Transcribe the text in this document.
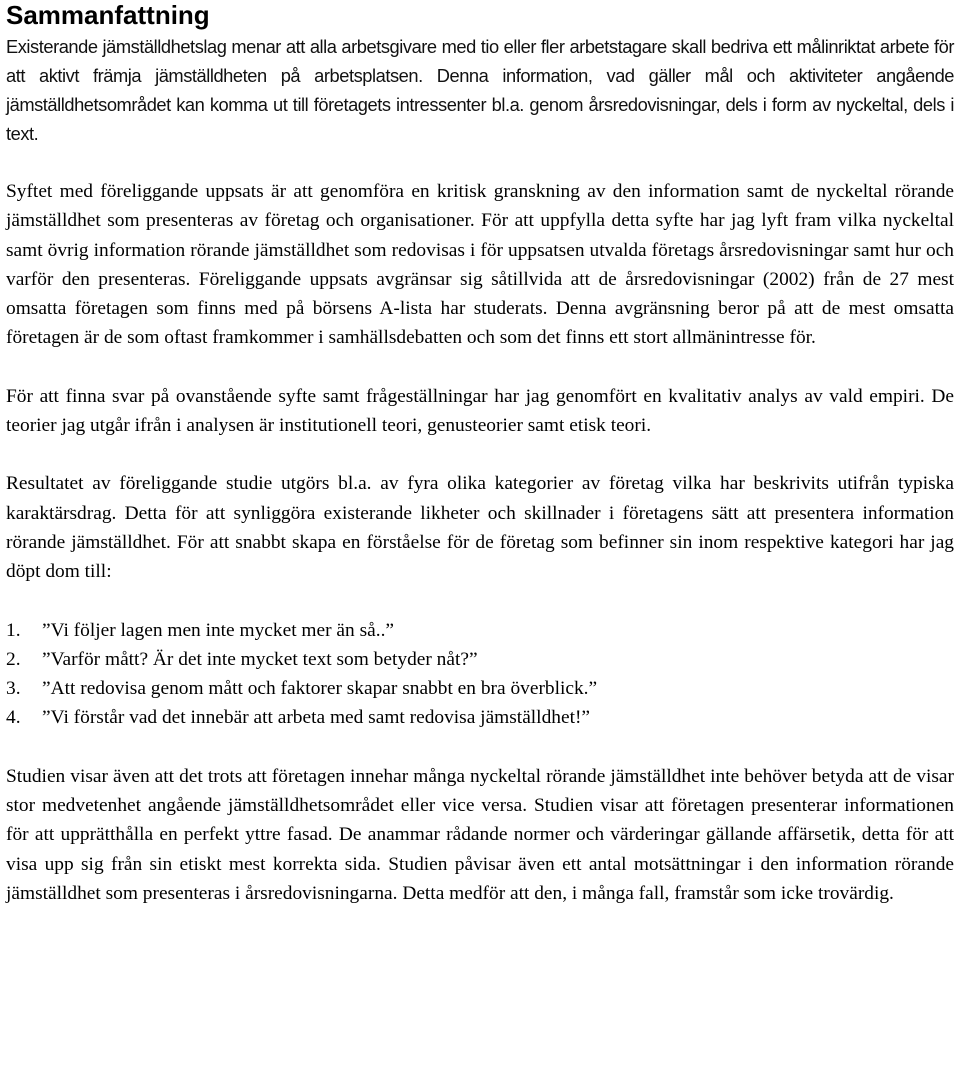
Sammanfattning

Existerande jämställdhetslag menar att alla arbetsgivare med tio eller fler arbetstagare skall bedriva ett målinriktat arbete för att aktivt främja jämställdheten på arbetsplatsen. Denna information, vad gäller mål och aktiviteter angående jämställdhetsområdet kan komma ut till företagets intressenter bl.a. genom årsredovisningar, dels i form av nyckeltal, dels i text.

Syftet med föreliggande uppsats är att genomföra en kritisk granskning av den information samt de nyckeltal rörande jämställdhet som presenteras av företag och organisationer. För att uppfylla detta syfte har jag lyft fram vilka nyckeltal samt övrig information rörande jämställdhet som redovisas i för uppsatsen utvalda företags årsredovisningar samt hur och varför den presenteras. Föreliggande uppsats avgränsar sig såtillvida att de årsredovisningar (2002) från de 27 mest omsatta företagen som finns med på börsens A-lista har studerats. Denna avgränsning beror på att de mest omsatta företagen är de som oftast framkommer i samhällsdebatten och som det finns ett stort allmänintresse för.

För att finna svar på ovanstående syfte samt frågeställningar har jag genomfört en kvalitativ analys av vald empiri. De teorier jag utgår ifrån i analysen är institutionell teori, genusteorier samt etisk teori.

Resultatet av föreliggande studie utgörs bl.a. av fyra olika kategorier av företag vilka har beskrivits utifrån typiska karaktärsdrag. Detta för att synliggöra existerande likheter och skillnader i företagens sätt att presentera information rörande jämställdhet. För att snabbt skapa en förståelse för de företag som befinner sin inom respektive kategori har jag döpt dom till:

1.	”Vi följer lagen men inte mycket mer än så..”
2.	”Varför mått? Är det inte mycket text som betyder nåt?”
3.	”Att redovisa genom mått och faktorer skapar snabbt en bra överblick.”
4.	”Vi förstår vad det innebär att arbeta med samt redovisa jämställdhet!”

Studien visar även att det trots att företagen innehar många nyckeltal rörande jämställdhet inte behöver betyda att de visar stor medvetenhet angående jämställdhetsområdet eller vice versa. Studien visar att företagen presenterar informationen för att upprätthålla en perfekt yttre fasad. De anammar rådande normer och värderingar gällande affärsetik, detta för att visa upp sig från sin etiskt mest korrekta sida. Studien påvisar även ett antal motsättningar i den information rörande jämställdhet som presenteras i årsredovisningarna. Detta medför att den, i många fall, framstår som icke trovärdig.
